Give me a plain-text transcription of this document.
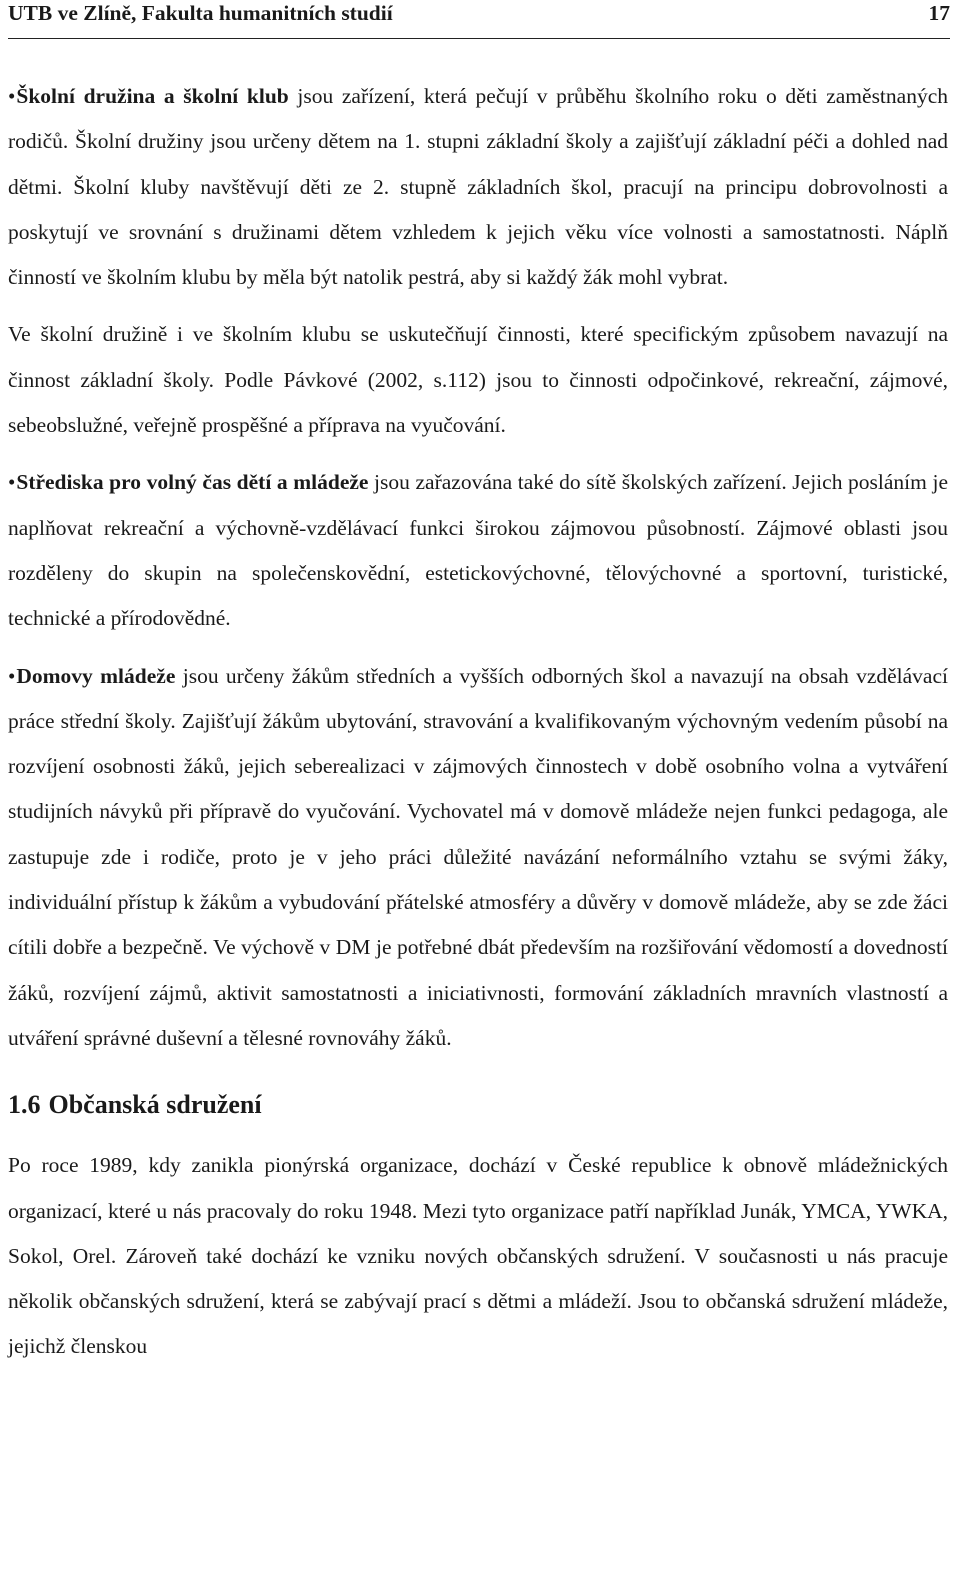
UTB ve Zlíně, Fakulta humanitních studií	17

•Školní družina a školní klub jsou zařízení, která pečují v průběhu školního roku o děti zaměstnaných rodičů. Školní družiny jsou určeny dětem na 1. stupni základní školy a zajišťují základní péči a dohled nad dětmi. Školní kluby navštěvují děti ze 2. stupně základních škol, pracují na principu dobrovolnosti a poskytují ve srovnání s družinami dětem vzhledem k jejich věku více volnosti a samostatnosti. Náplň činností ve školním klubu by měla být natolik pestrá, aby si každý žák mohl vybrat.

Ve školní družině i ve školním klubu se uskutečňují činnosti, které specifickým způsobem navazují na činnost základní školy. Podle Pávkové (2002, s.112) jsou to činnosti odpočinkové, rekreační, zájmové, sebeobslužné, veřejně prospěšné a příprava na vyučování.

•Střediska pro volný čas dětí a mládeže jsou zařazována také do sítě školských zařízení. Jejich posláním je naplňovat rekreační a výchovně-vzdělávací funkci širokou zájmovou působností. Zájmové oblasti jsou rozděleny do skupin na společenskovědní, estetickovýchovné, tělovýchovné a sportovní, turistické, technické a přírodovědné.

•Domovy mládeže jsou určeny žákům středních a vyšších odborných škol a navazují na obsah vzdělávací práce střední školy. Zajišťují žákům ubytování, stravování a kvalifikovaným výchovným vedením působí na rozvíjení osobnosti žáků, jejich seberealizaci v zájmových činnostech v době osobního volna a vytváření studijních návyků při přípravě do vyučování. Vychovatel má v domově mládeže nejen funkci pedagoga, ale zastupuje zde i rodiče, proto je v jeho práci důležité navázání neformálního vztahu se svými žáky, individuální přístup k žákům a vybudování přátelské atmosféry a důvěry v domově mládeže, aby se zde žáci cítili dobře a bezpečně. Ve výchově v DM je potřebné dbát především na rozšiřování vědomostí a dovedností žáků, rozvíjení zájmů, aktivit samostatnosti a iniciativnosti, formování základních mravních vlastností a utváření správné duševní a tělesné rovnováhy žáků.

1.6 Občanská sdružení

Po roce 1989, kdy zanikla pionýrská organizace, dochází v České republice k obnově mládežnických organizací, které u nás pracovaly do roku 1948. Mezi tyto organizace patří například Junák, YMCA, YWKA, Sokol, Orel. Zároveň také dochází ke vzniku nových občanských sdružení. V současnosti u nás pracuje několik občanských sdružení, která se zabývají prací s dětmi a mládeží. Jsou to občanská sdružení mládeže, jejichž členskou
